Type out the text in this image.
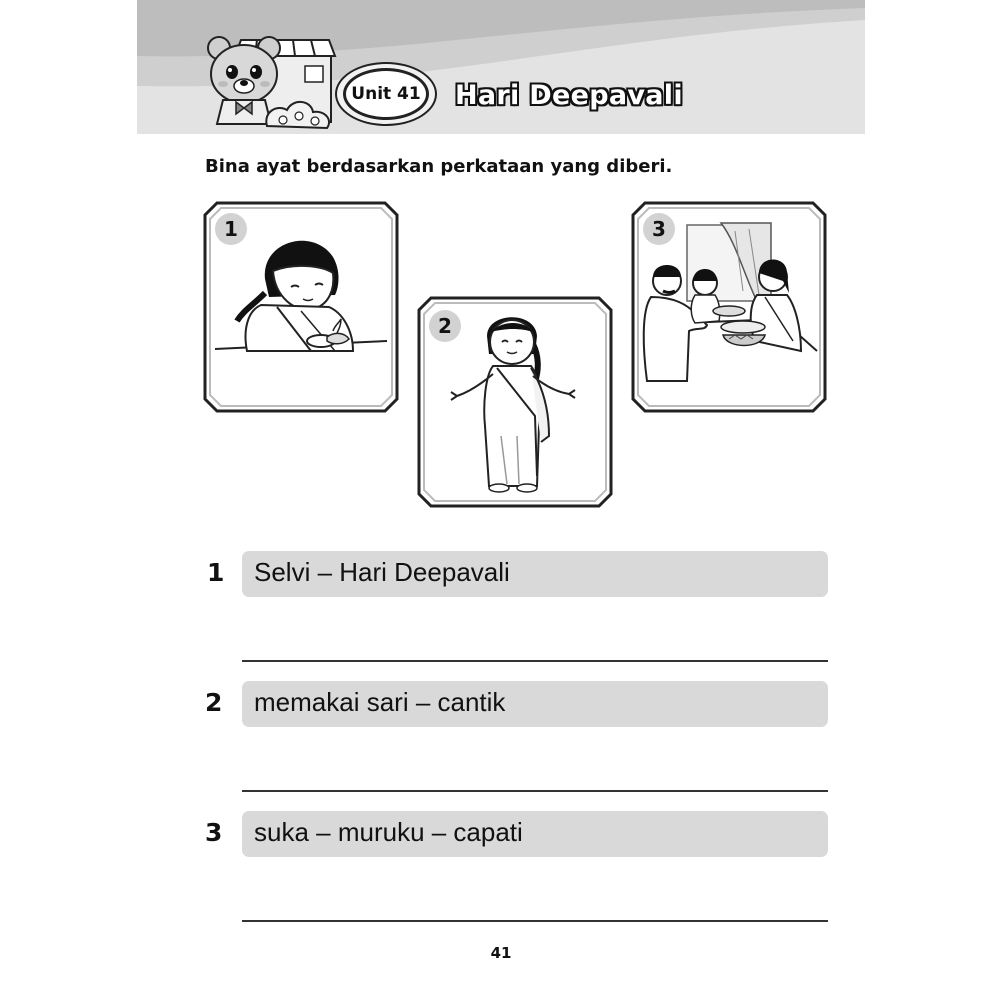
Unit 41	Hari Deepavali
Bina ayat berdasarkan perkataan yang diberi.
1
2
3
1 Selvi – Hari Deepavali
2 memakai sari – cantik
3 suka – muruku – capati
41
